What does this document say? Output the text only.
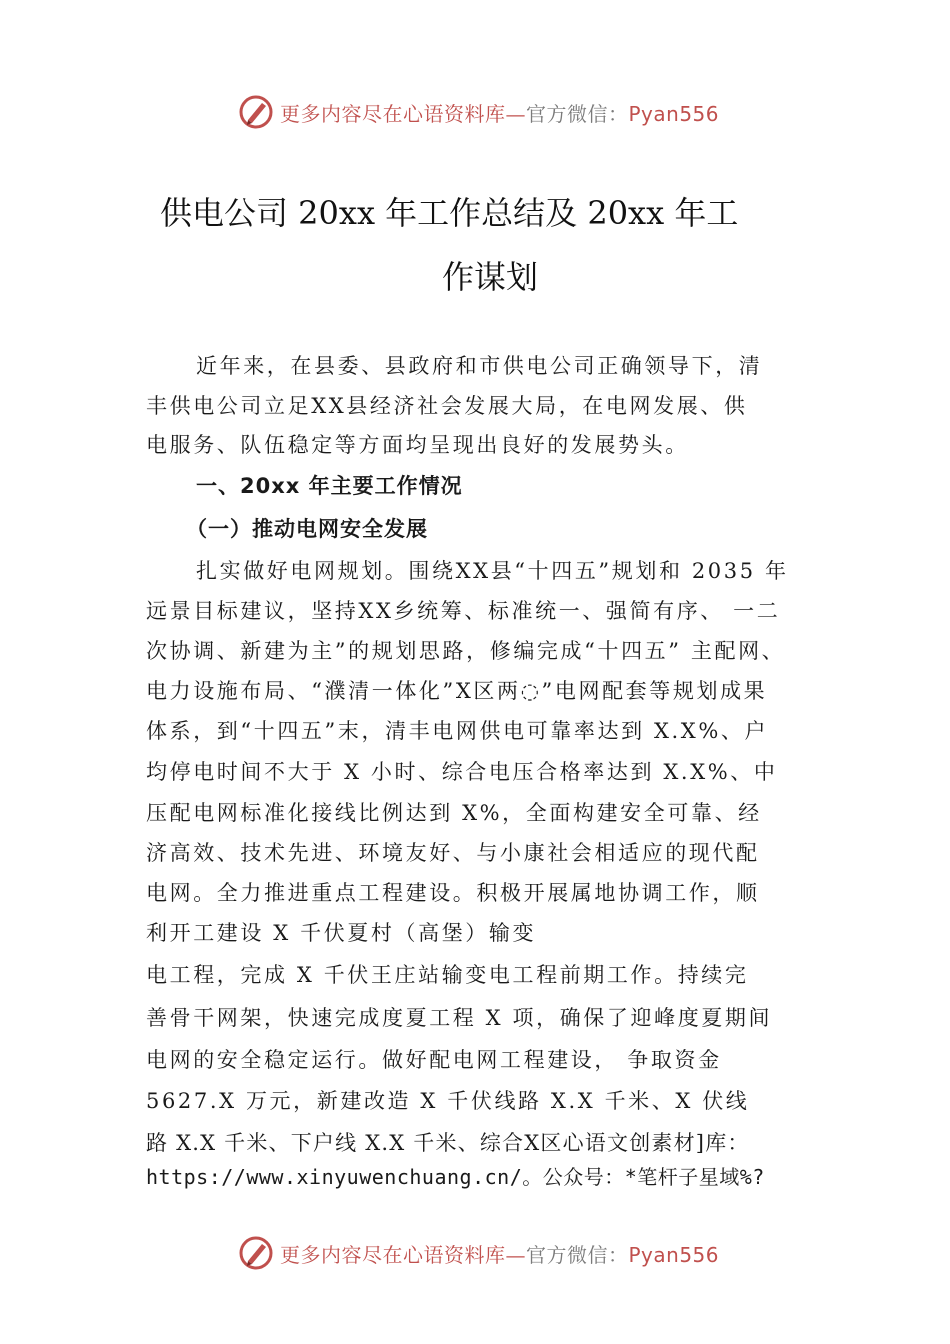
更多内容尽在心语资料库—官方微信：Pyan556
供电公司 20xx 年工作总结及 20xx 年工
作谋划
近年来，在县委、县政府和市供电公司正确领导下，清
丰供电公司立足XX县经济社会发展大局，在电网发展、供
电服务、队伍稳定等方面均呈现出良好的发展势头。
一、20xx 年主要工作情况
（一）推动电网安全发展
扎实做好电网规划。围绕XX县“十四五”规划和 2035 年
远景目标建议，坚持XX乡统筹、标准统一、强简有序、 一二
次协调、新建为主”的规划思路，修编完成“十四五” 主配网、
电力设施布局、“濮清一体化”X区两◌”电网配套等规划成果
体系，到“十四五”末，清丰电网供电可靠率达到 X.X%、户
均停电时间不大于 X 小时、综合电压合格率达到 X.X%、中
压配电网标准化接线比例达到 X%，全面构建安全可靠、经
济高效、技术先进、环境友好、与小康社会相适应的现代配
电网。全力推进重点工程建设。积极开展属地协调工作，顺
利开工建设 X 千伏夏村（高堡）输变
电工程，完成 X 千伏王庄站输变电工程前期工作。持续完
善骨干网架，快速完成度夏工程 X 项，确保了迎峰度夏期间
电网的安全稳定运行。做好配电网工程建设， 争取资金
5627.X 万元，新建改造 X 千伏线路 X.X 千米、X 伏线
路 X.X 千米、下户线 X.X 千米、综合X区心语文创素材]库：
https://www.xinyuwenchuang.cn/。公众号：*笔杆子星域%?
更多内容尽在心语资料库—官方微信：Pyan556
